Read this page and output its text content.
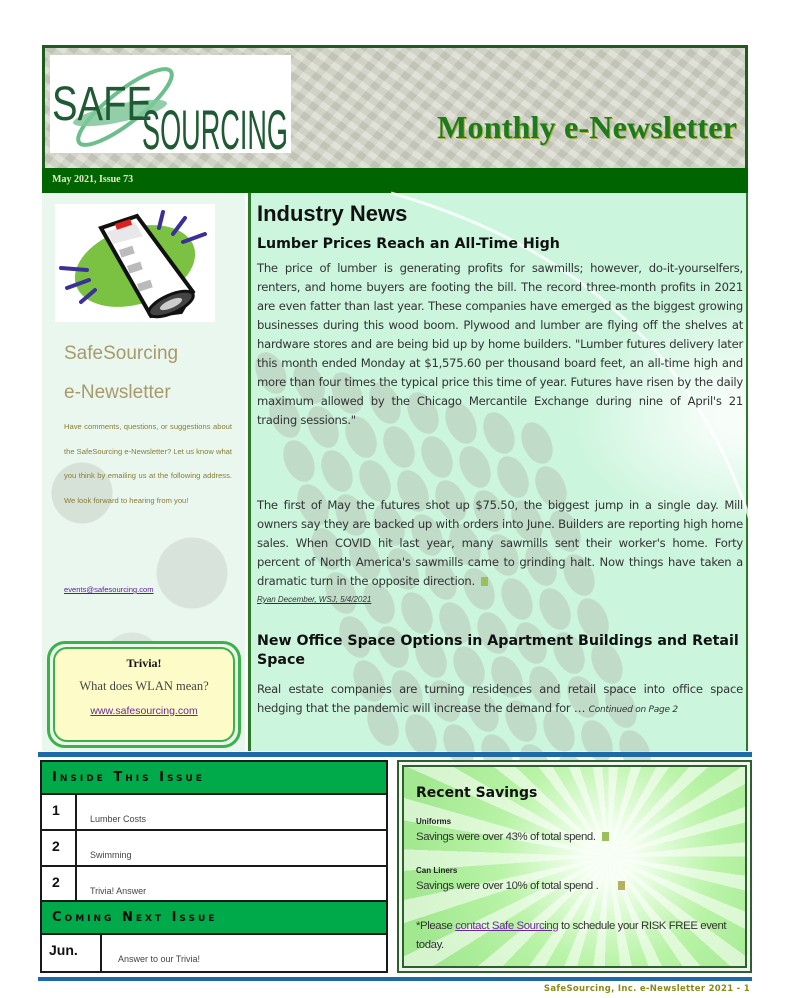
SAFE
SOURCING	Monthly e-Newsletter
May 2021, Issue 73
SafeSourcing
e-Newsletter
Have comments, questions, or suggestions about the SafeSourcing e-Newsletter? Let us know what you think by emailing us at the following address. We look forward to hearing from you!
events@safesourcing.com
Trivia!
What does WLAN mean?
www.safesourcing.com
Industry News
Lumber Prices Reach an All-Time High
The price of lumber is generating profits for sawmills; however, do-it-yourselfers, renters, and home buyers are footing the bill. The record three-month profits in 2021 are even fatter than last year. These companies have emerged as the biggest growing businesses during this wood boom. Plywood and lumber are flying off the shelves at hardware stores and are being bid up by home builders. "Lumber futures delivery later this month ended Monday at $1,575.60 per thousand board feet, an all-time high and more than four times the typical price this time of year. Futures have risen by the daily maximum allowed by the Chicago Mercantile Exchange during nine of April's 21 trading sessions."
The first of May the futures shot up $75.50, the biggest jump in a single day. Mill owners say they are backed up with orders into June. Builders are reporting high home sales. When COVID hit last year, many sawmills sent their worker's home. Forty percent of North America's sawmills came to grinding halt. Now things have taken a dramatic turn in the opposite direction.
Ryan December, WSJ, 5/4/2021
New Office Space Options in Apartment Buildings and Retail Space
Real estate companies are turning residences and retail space into office space hedging that the pandemic will increase the demand for … Continued on Page 2
Inside This Issue
1
Lumber Costs
2
Swimming
2
Trivia! Answer
Coming Next Issue
Jun.
Answer to our Trivia!
Recent Savings
Uniforms
Savings were over 43% of total spend.
Can Liners
Savings were over 10% of total spend .
*Please contact Safe Sourcing to schedule your RISK FREE event today.
SafeSourcing, Inc. e-Newsletter 2021 - 1
